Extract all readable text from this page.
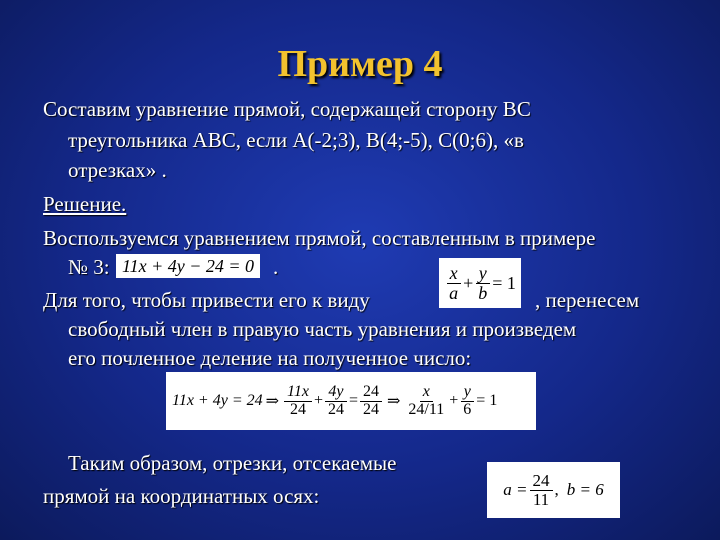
Пример 4
Составим уравнение прямой, содержащей сторону BC
треугольника ABC, если A(-2;3), B(4;-5), C(0;6), «в
отрезках» .
Решение.
Воспользуемся уравнением прямой, составленным в примере
№ 3: 11x + 4y − 24 = 0 .	$\frac{x}{a} + \frac{y}{b} = 1$
Для того, чтобы привести его к виду	, перенесем
свободный член в правую часть уравнения и произведем
его почленное деление на полученное число:
11x + 4y = 24 ⇒ $\frac{11x}{24} + \frac{4y}{24} = \frac{24}{24}$ ⇒ $\frac{x}{24/11} + \frac{y}{6} = 1$
Таким образом, отрезки, отсекаемые
прямой на координатных осях:	$a = \frac{24}{11}$ , b = 6
